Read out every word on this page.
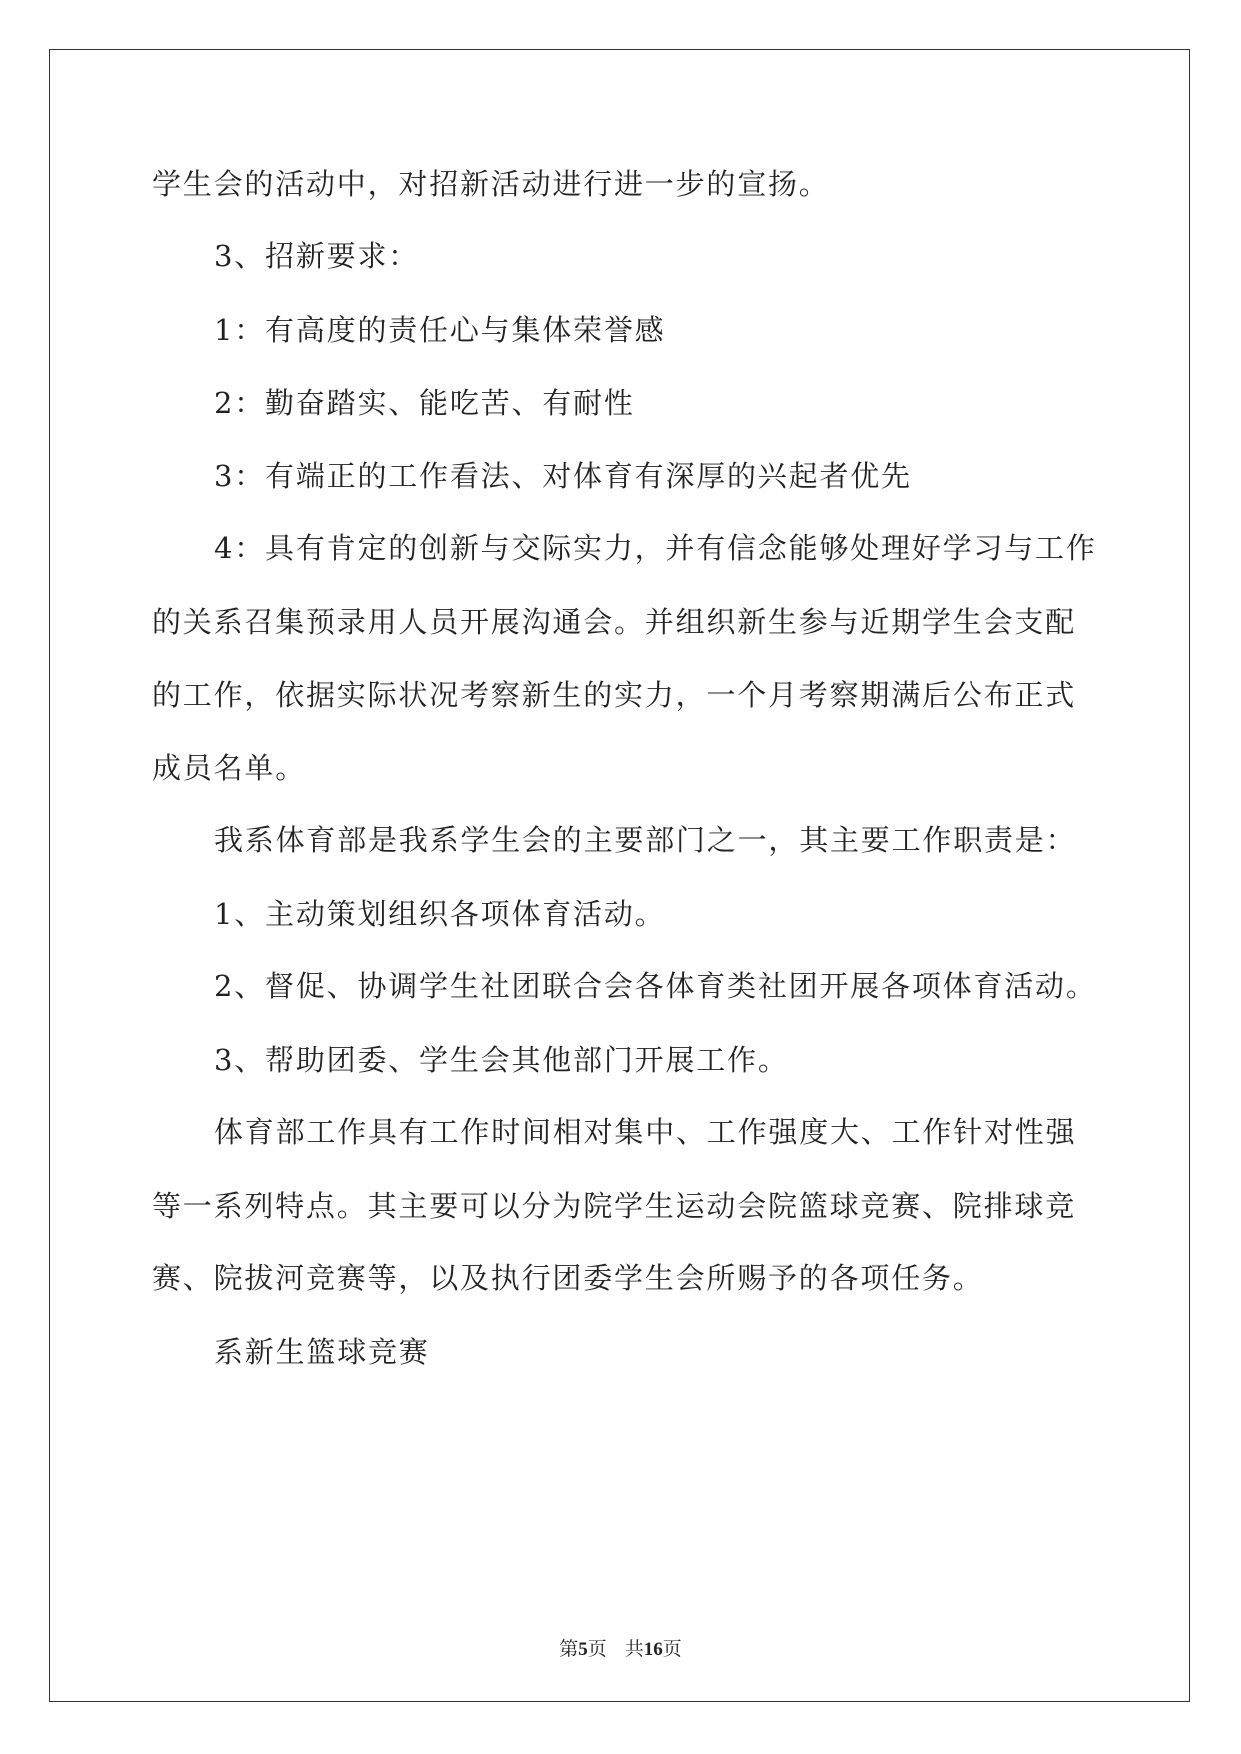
学生会的活动中，对招新活动进行进一步的宣扬。
3、招新要求：
1：有高度的责任心与集体荣誉感
2：勤奋踏实、能吃苦、有耐性
3：有端正的工作看法、对体育有深厚的兴起者优先
4：具有肯定的创新与交际实力，并有信念能够处理好学习与工作
的关系召集预录用人员开展沟通会。并组织新生参与近期学生会支配
的工作，依据实际状况考察新生的实力，一个月考察期满后公布正式
成员名单。
我系体育部是我系学生会的主要部门之一，其主要工作职责是：
1、主动策划组织各项体育活动。
2、督促、协调学生社团联合会各体育类社团开展各项体育活动。
3、帮助团委、学生会其他部门开展工作。
体育部工作具有工作时间相对集中、工作强度大、工作针对性强
等一系列特点。其主要可以分为院学生运动会院篮球竞赛、院排球竞
赛、院拔河竞赛等，以及执行团委学生会所赐予的各项任务。
系新生篮球竞赛
第5页 共16页
